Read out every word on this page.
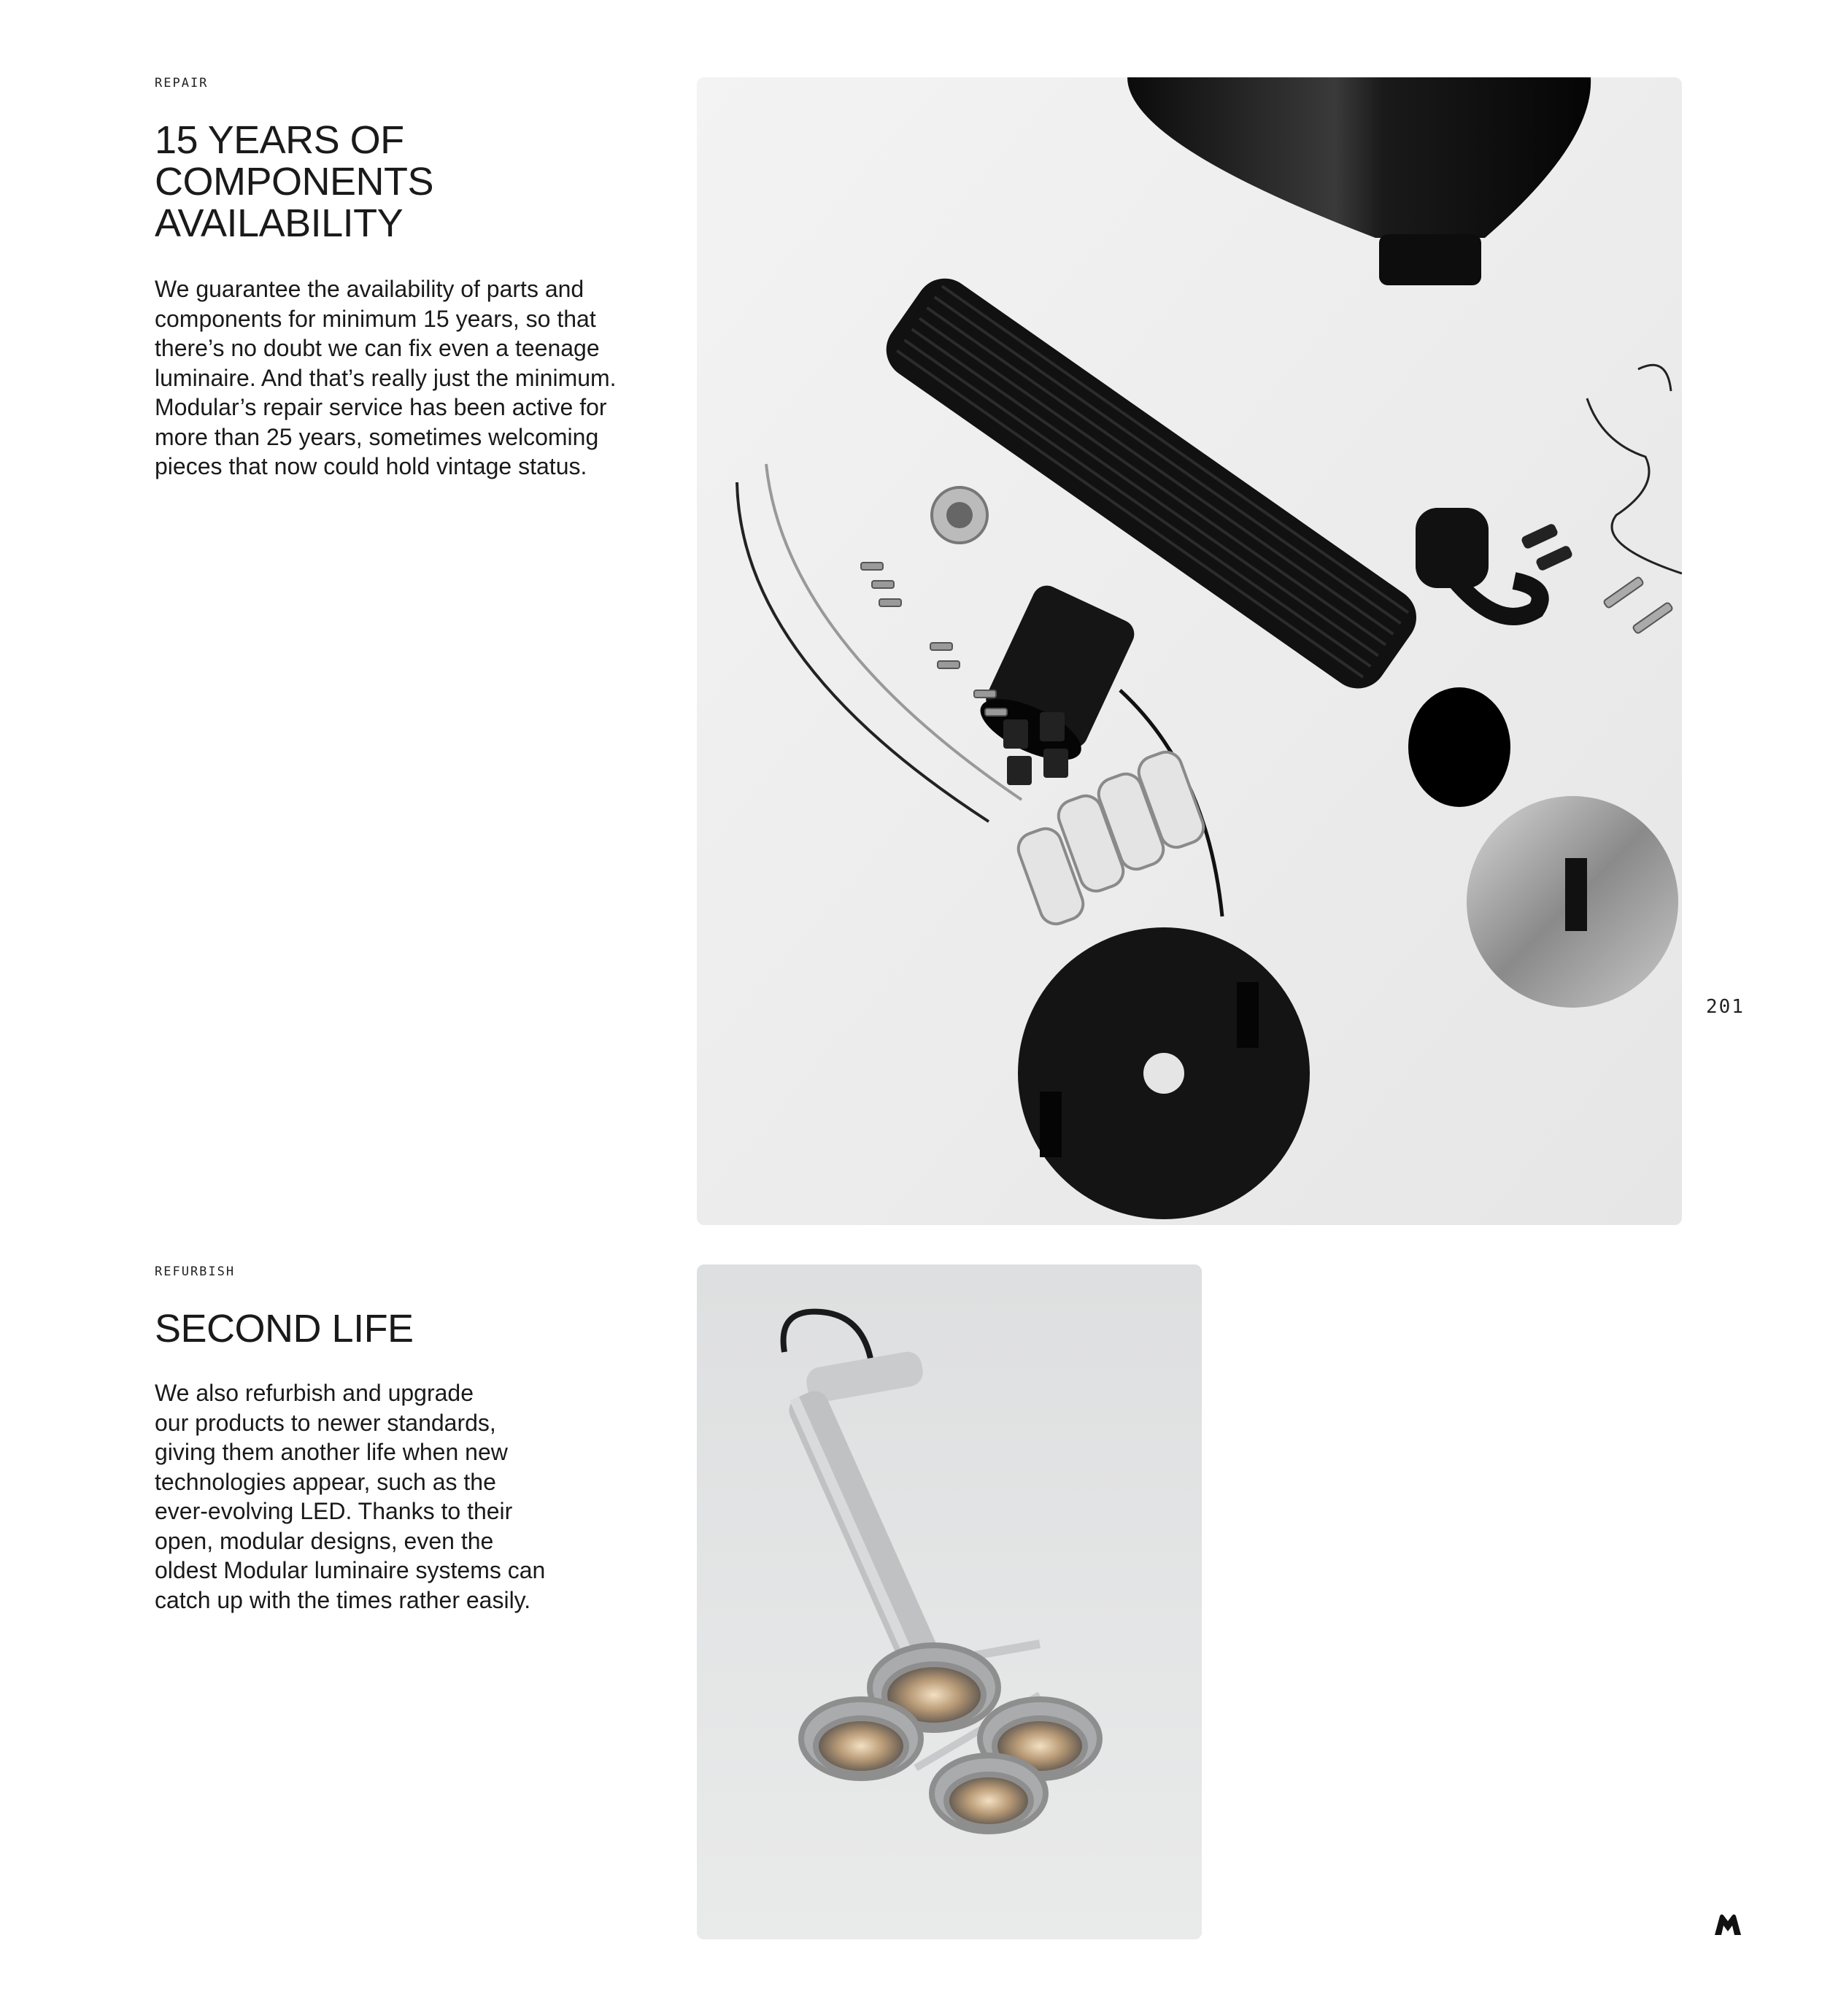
REPAIR
15 YEARS OF
COMPONENTS
AVAILABILITY

We guarantee the availability of parts and
components for minimum 15 years, so that
there’s no doubt we can fix even a teenage
luminaire. And that’s really just the minimum.
Modular’s repair service has been active for
more than 25 years, sometimes welcoming
pieces that now could hold vintage status.

REFURBISH
SECOND LIFE

We also refurbish and upgrade
our products to newer standards,
giving them another life when new
technologies appear, such as the
ever-evolving LED. Thanks to their
open, modular designs, even the
oldest Modular luminaire systems can
catch up with the times rather easily.

201
